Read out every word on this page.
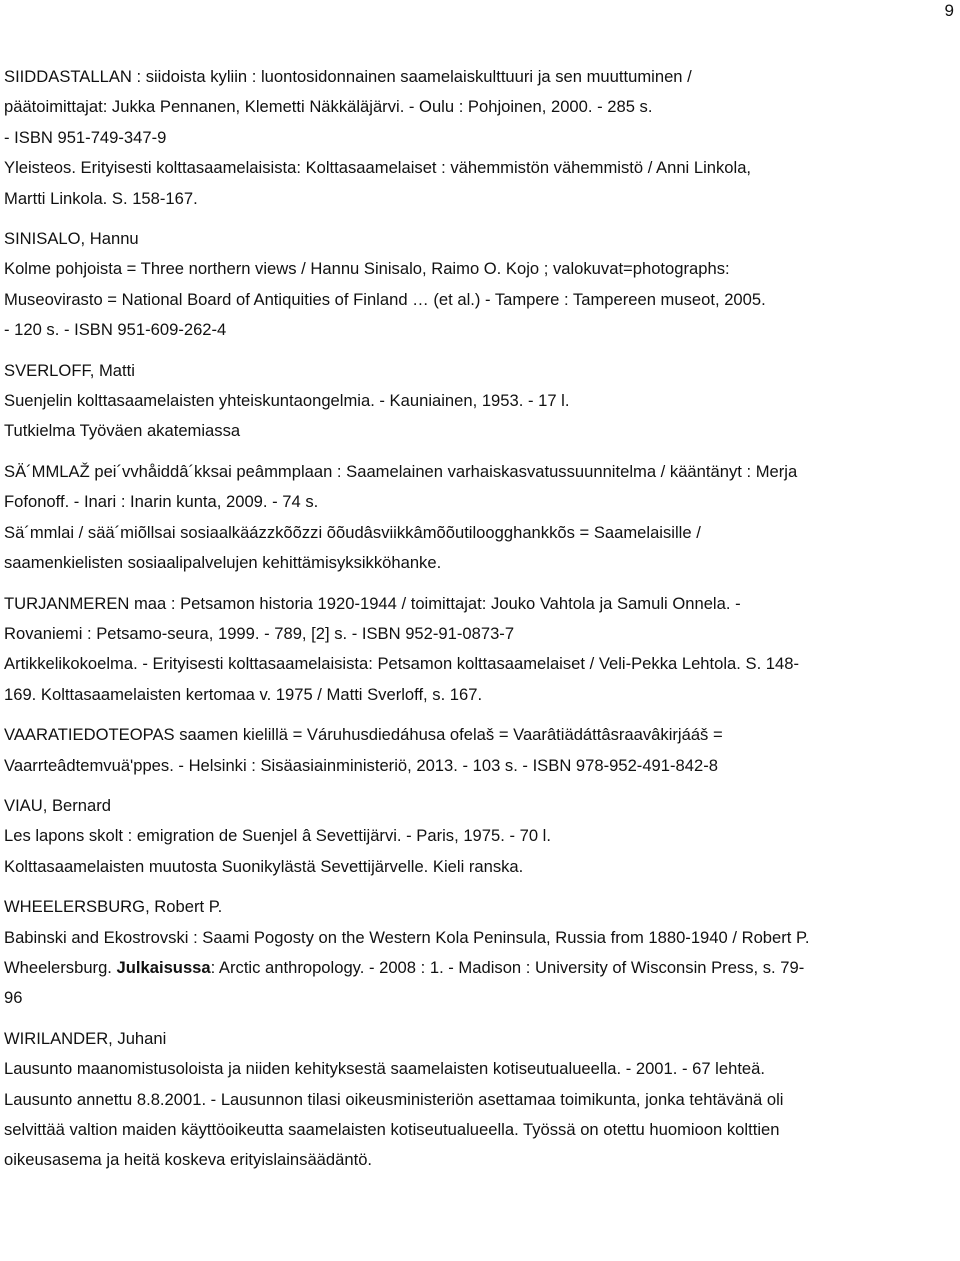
9
SIIDDASTALLAN : siidoista kyliin : luontosidonnainen saamelaiskulttuuri ja sen muuttuminen /
päätoimittajat: Jukka Pennanen, Klemetti Näkkäläjärvi. - Oulu : Pohjoinen, 2000. - 285 s.
- ISBN 951-749-347-9
Yleisteos. Erityisesti kolttasaamelaisista: Kolttasaamelaiset : vähemmistön vähemmistö / Anni Linkola,
Martti Linkola. S. 158-167.
SINISALO, Hannu
Kolme pohjoista = Three northern views / Hannu Sinisalo, Raimo O. Kojo ; valokuvat=photographs:
Museovirasto = National Board of Antiquities of Finland … (et al.) - Tampere : Tampereen museot, 2005.
- 120 s. - ISBN 951-609-262-4
SVERLOFF, Matti
Suenjelin kolttasaamelaisten yhteiskuntaongelmia. - Kauniainen, 1953. - 17 l.
Tutkielma Työväen akatemiassa
SÄ´MMLAŽ pei´vvhåiddâ´kksai peâmmplaan : Saamelainen varhaiskasvatussuunnitelma / kääntänyt : Merja
Fofonoff. - Inari : Inarin kunta, 2009. - 74 s.
Sä´mmlai / sää´miõllsai sosiaalkäázzkõõzzi õõudâsviikkâmõõutiloogghankkõs = Saamelaisille /
saamenkielisten sosiaalipalvelujen kehittämisyksikköhanke.
TURJANMEREN maa : Petsamon historia 1920-1944 / toimittajat: Jouko Vahtola ja Samuli Onnela. -
Rovaniemi : Petsamo-seura, 1999. - 789, [2] s. - ISBN 952-91-0873-7
Artikkelikokoelma. - Erityisesti kolttasaamelaisista: Petsamon kolttasaamelaiset / Veli-Pekka Lehtola. S. 148-
169. Kolttasaamelaisten kertomaa v. 1975 / Matti Sverloff, s. 167.
VAARATIEDOTEOPAS saamen kielillä = Váruhusdiedáhusa ofelaš = Vaarâtiädáttâsraavâkirjááš =
Vaarrteâdtemvuä'ppes. - Helsinki : Sisäasiainministeriö, 2013. - 103 s. - ISBN 978-952-491-842-8
VIAU, Bernard
Les lapons skolt : emigration de Suenjel â Sevettijärvi. - Paris, 1975. - 70 l.
Kolttasaamelaisten muutosta Suonikylästä Sevettijärvelle. Kieli ranska.
WHEELERSBURG, Robert P.
Babinski and Ekostrovski : Saami Pogosty on the Western Kola Peninsula, Russia from 1880-1940 / Robert P.
Wheelersburg. Julkaisussa: Arctic anthropology. - 2008 : 1. - Madison : University of Wisconsin Press, s. 79-
96
WIRILANDER, Juhani
Lausunto maanomistusoloista ja niiden kehityksestä saamelaisten kotiseutualueella. - 2001. - 67 lehteä.
Lausunto annettu 8.8.2001. - Lausunnon tilasi oikeusministeriön asettamaa toimikunta, jonka tehtävänä oli
selvittää valtion maiden käyttöoikeutta saamelaisten kotiseutualueella. Työssä on otettu huomioon kolttien
oikeusasema ja heitä koskeva erityislainsäädäntö.
